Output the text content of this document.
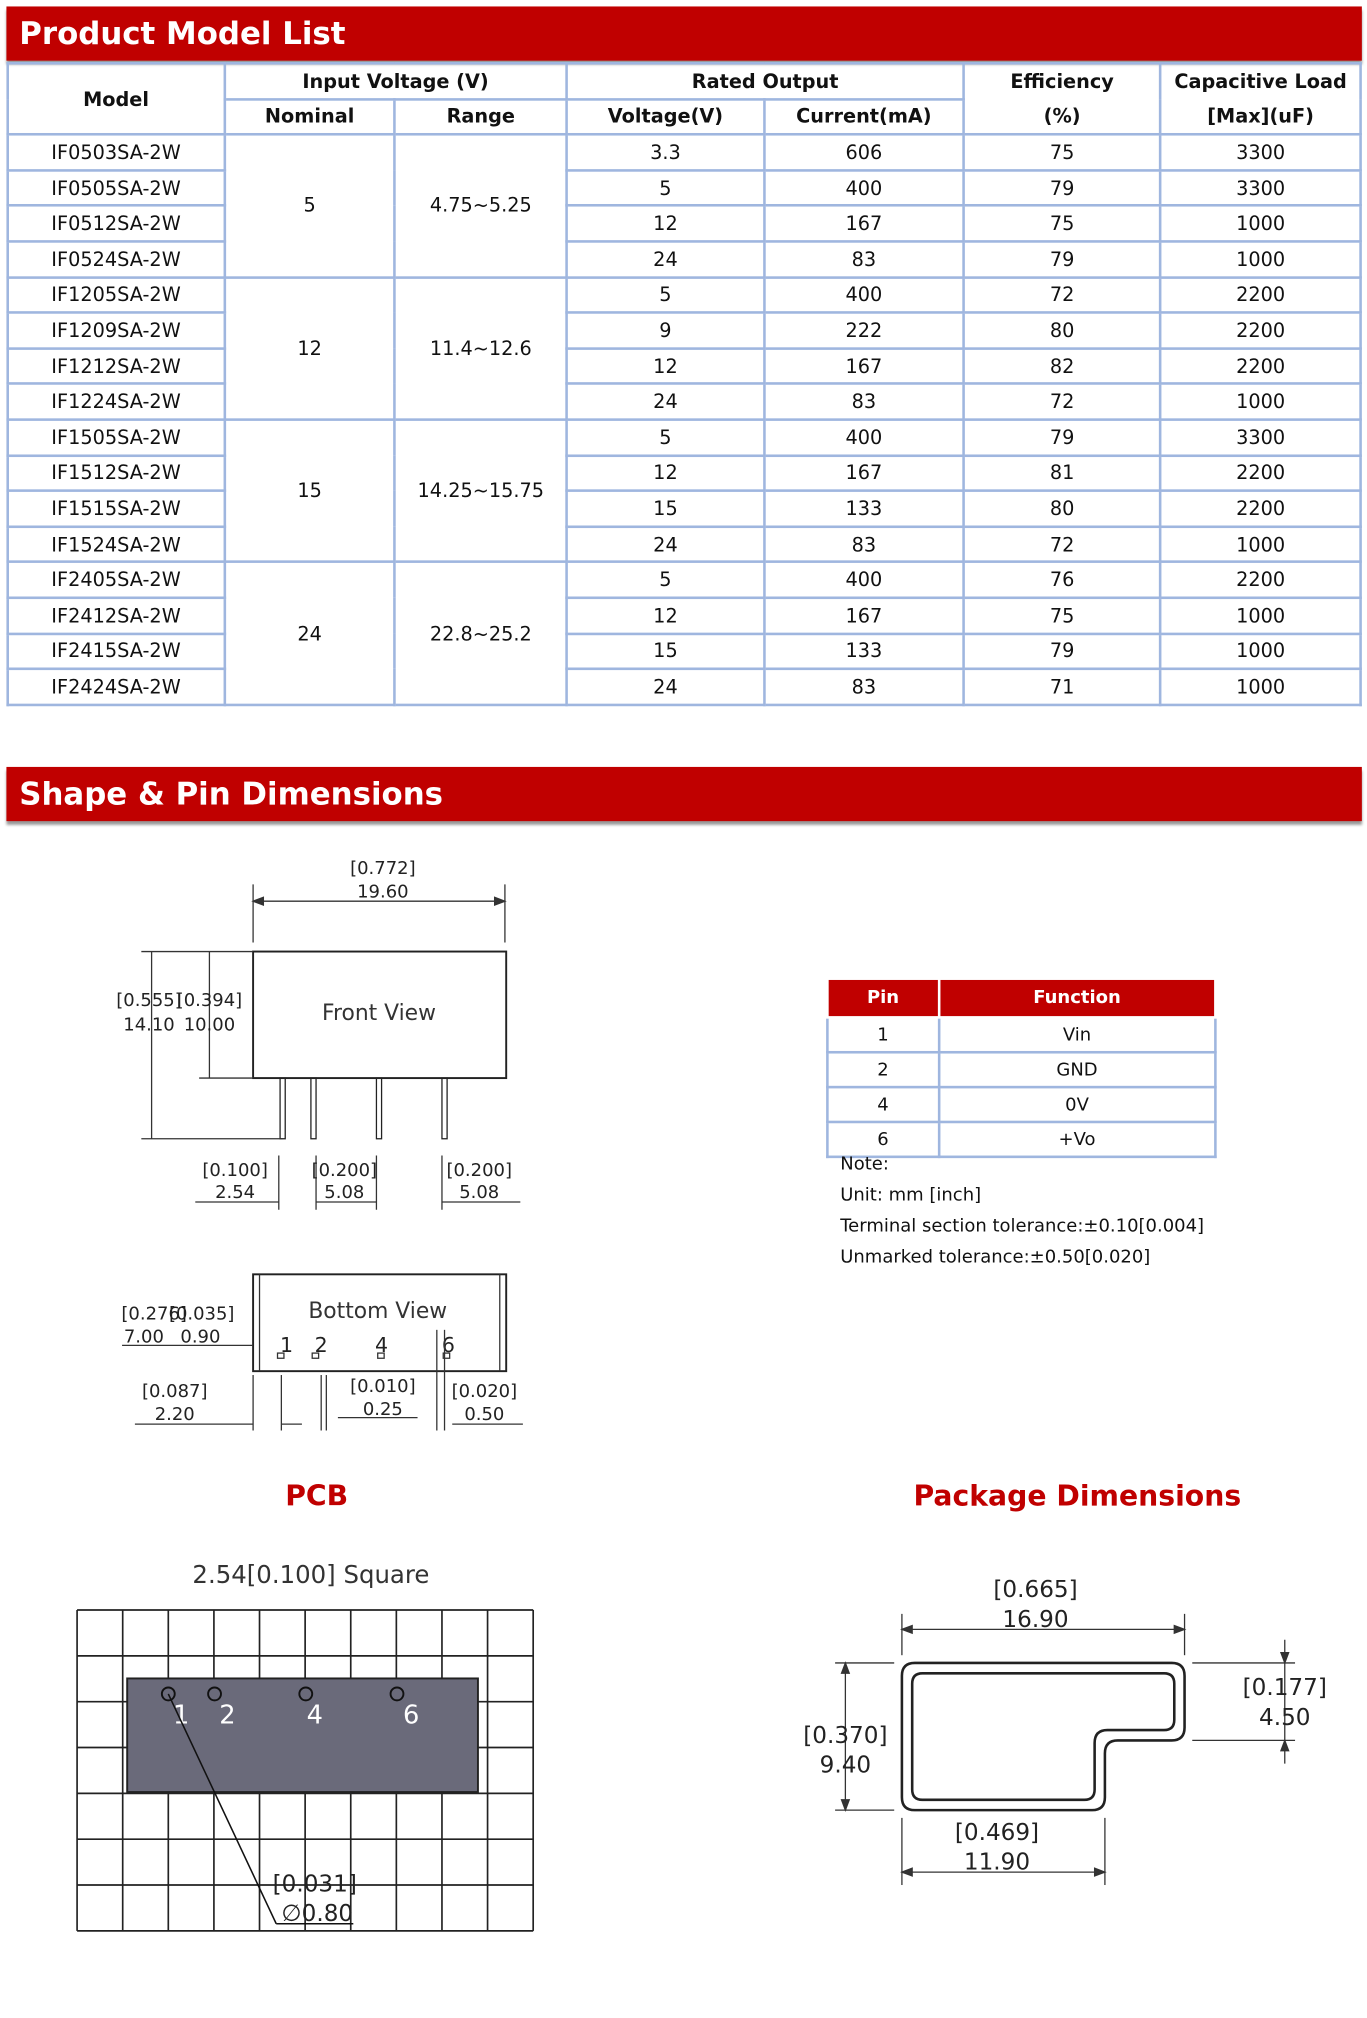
Product Model List
Model	Input Voltage (V)		Rated Output		Efficiency	Capacitive Load
	Nominal	Range	Voltage(V)	Current(mA)	(%)	[Max](uF)
IF0503SA-2W	5	4.75~5.25	3.3	606	75	3300
IF0505SA-2W			5	400	79	3300
IF0512SA-2W			12	167	75	1000
IF0524SA-2W			24	83	79	1000
IF1205SA-2W	12	11.4~12.6	5	400	72	2200
IF1209SA-2W			9	222	80	2200
IF1212SA-2W			12	167	82	2200
IF1224SA-2W			24	83	72	1000
IF1505SA-2W	15	14.25~15.75	5	400	79	3300
IF1512SA-2W			12	167	81	2200
IF1515SA-2W			15	133	80	2200
IF1524SA-2W			24	83	72	1000
IF2405SA-2W	24	22.8~25.2	5	400	76	2200
IF2412SA-2W			12	167	75	1000
IF2415SA-2W			15	133	79	1000
IF2424SA-2W			24	83	71	1000
Shape & Pin Dimensions
[0.772]
19.60
Front View
[0.555]
14.10
[0.394]
10.00
[0.100]
2.54
[0.200]
5.08
[0.200]
5.08
Bottom View
1 2	4	6
[0.276]
7.00
[0.035]
0.90
[0.087]
2.20
[0.010]
0.25
[0.020]
0.50
Pin	Function
1	Vin
2	GND
4	0V
6	+Vo
Note:
Unit: mm [inch]
Terminal section tolerance:±0.10[0.004]
Unmarked tolerance:±0.50[0.020]
PCB	Package Dimensions
2.54[0.100] Square
1 2	4	6
[0.031]
∅0.80
[0.665]
16.90
[0.370]
9.40
[0.177]
4.50
[0.469]
11.90
